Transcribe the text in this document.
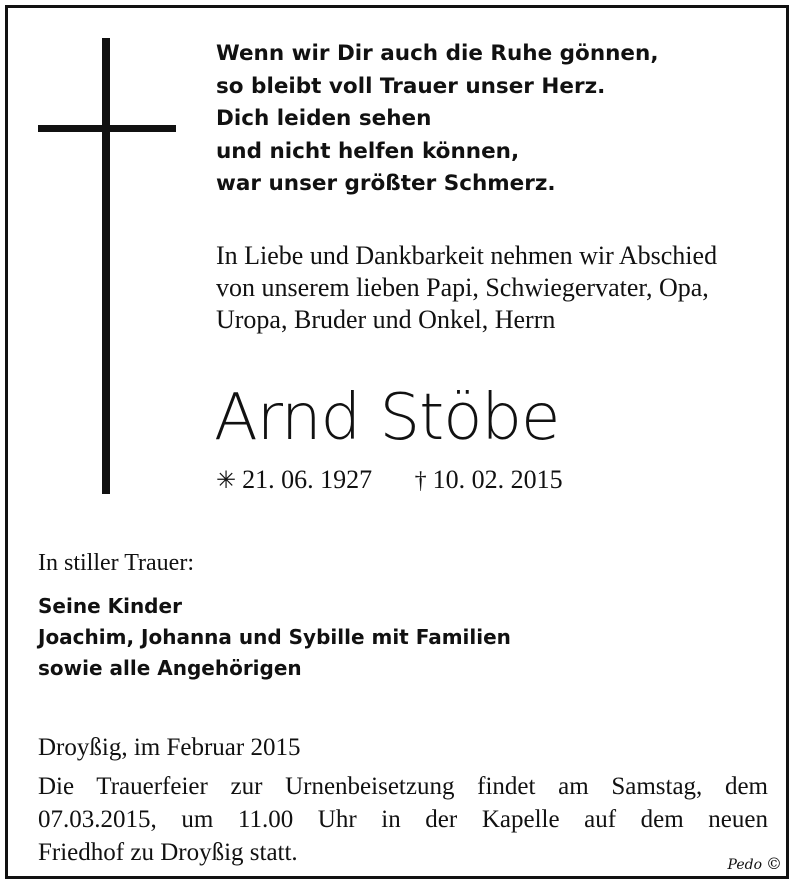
Wenn wir Dir auch die Ruhe gönnen,
so bleibt voll Trauer unser Herz.
Dich leiden sehen
und nicht helfen können,
war unser größter Schmerz.
In Liebe und Dankbarkeit nehmen wir Abschied
von unserem lieben Papi, Schwiegervater, Opa,
Uropa, Bruder und Onkel, Herrn
Arnd Stöbe
✳ 21. 06. 1927 † 10. 02. 2015
In stiller Trauer:
Seine Kinder
Joachim, Johanna und Sybille mit Familien
sowie alle Angehörigen
Droyßig, im Februar 2015
Die Trauerfeier zur Urnenbeisetzung findet am Samstag, dem
07.03.2015, um 11.00 Uhr in der Kapelle auf dem neuen
Friedhof zu Droyßig statt.	Pedo ©
